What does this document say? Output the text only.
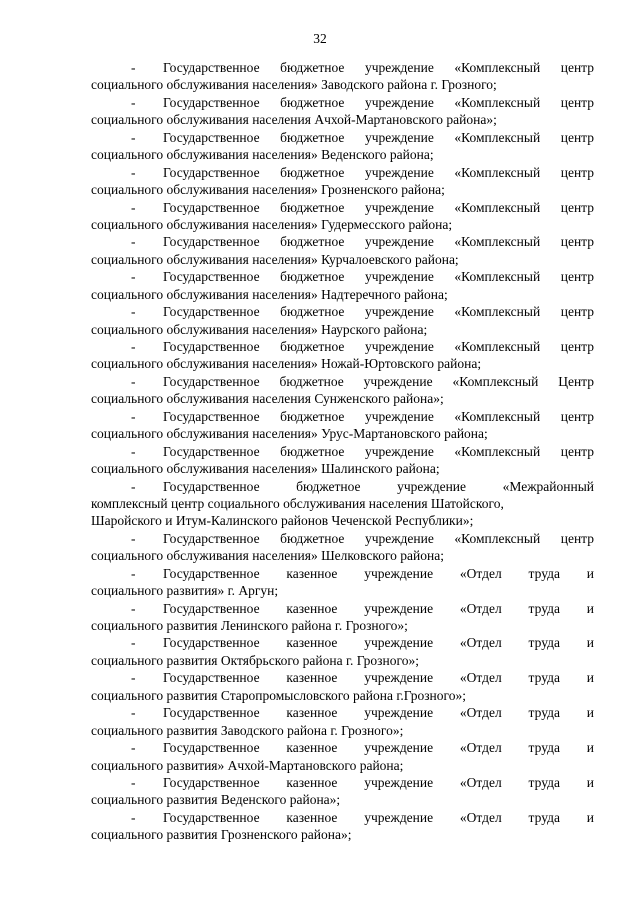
32
- Государственное бюджетное учреждение «Комплексный центр
социального обслуживания населения» Заводского района г. Грозного;
- Государственное бюджетное учреждение «Комплексный центр
социального обслуживания населения Ачхой-Мартановского района»;
- Государственное бюджетное учреждение «Комплексный центр
социального обслуживания населения» Веденского района;
- Государственное бюджетное учреждение «Комплексный центр
социального обслуживания населения» Грозненского района;
- Государственное бюджетное учреждение «Комплексный центр
социального обслуживания населения» Гудермесского района;
- Государственное бюджетное учреждение «Комплексный центр
социального обслуживания населения» Курчалоевского района;
- Государственное бюджетное учреждение «Комплексный центр
социального обслуживания населения» Надтеречного района;
- Государственное бюджетное учреждение «Комплексный центр
социального обслуживания населения» Наурского района;
- Государственное бюджетное учреждение «Комплексный центр
социального обслуживания населения» Ножай-Юртовского района;
- Государственное бюджетное учреждение «Комплексный Центр
социального обслуживания населения Сунженского района»;
- Государственное бюджетное учреждение «Комплексный центр
социального обслуживания населения» Урус-Мартановского района;
- Государственное бюджетное учреждение «Комплексный центр
социального обслуживания населения» Шалинского района;
- Государственное бюджетное учреждение «Межрайонный
комплексный центр социального обслуживания населения Шатойского,
Шаройского и Итум-Калинского районов Чеченской Республики»;
- Государственное бюджетное учреждение «Комплексный центр
социального обслуживания населения» Шелковского района;
- Государственное казенное учреждение «Отдел труда и
социального развития» г. Аргун;
- Государственное казенное учреждение «Отдел труда и
социального развития Ленинского района г. Грозного»;
- Государственное казенное учреждение «Отдел труда и
социального развития Октябрьского района г. Грозного»;
- Государственное казенное учреждение «Отдел труда и
социального развития Старопромысловского района г.Грозного»;
- Государственное казенное учреждение «Отдел труда и
социального развития Заводского района г. Грозного»;
- Государственное казенное учреждение «Отдел труда и
социального развития» Ачхой-Мартановского района;
- Государственное казенное учреждение «Отдел труда и
социального развития Веденского района»;
- Государственное казенное учреждение «Отдел труда и
социального развития Грозненского района»;
